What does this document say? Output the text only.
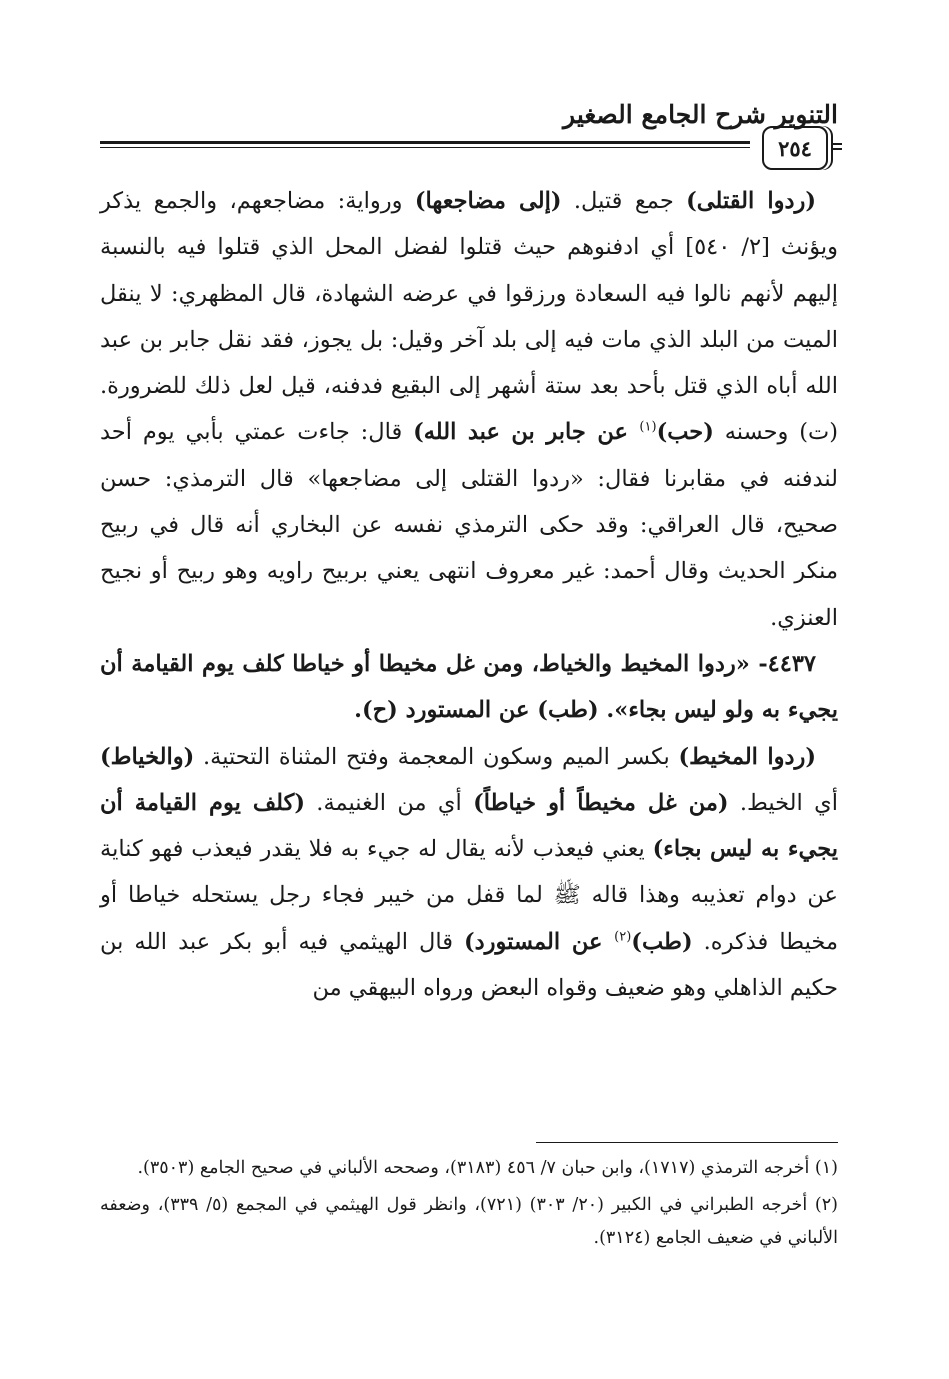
التنوير شرح الجامع الصغير
٢٥٤

(ردوا القتلى) جمع قتيل. (إلى مضاجعها) ورواية: مضاجعهم، والجمع يذكر ويؤنث [٢/ ٥٤٠] أي ادفنوهم حيث قتلوا لفضل المحل الذي قتلوا فيه بالنسبة إليهم لأنهم نالوا فيه السعادة ورزقوا في عرضه الشهادة، قال المظهري: لا ينقل الميت من البلد الذي مات فيه إلى بلد آخر وقيل: بل يجوز، فقد نقل جابر بن عبد الله أباه الذي قتل بأحد بعد ستة أشهر إلى البقيع فدفنه، قيل لعل ذلك للضرورة. (ت) وحسنه (حب)$^{(١)}$ عن جابر بن عبد الله) قال: جاءت عمتي بأبي يوم أحد لندفنه في مقابرنا فقال: «ردوا القتلى إلى مضاجعها» قال الترمذي: حسن صحيح، قال العراقي: وقد حكى الترمذي نفسه عن البخاري أنه قال في ربيح منكر الحديث وقال أحمد: غير معروف انتهى يعني بربيح راويه وهو ربيح أو نجيح العنزي.

٤٤٣٧- «ردوا المخيط والخياط، ومن غل مخيطا أو خياطا كلف يوم القيامة أن يجيء به ولو ليس بجاء». (طب) عن المستورد (ح).

(ردوا المخيط) بكسر الميم وسكون المعجمة وفتح المثناة التحتية. (والخياط) أي الخيط. (من غل مخيطاً أو خياطاً) أي من الغنيمة. (كلف يوم القيامة أن يجيء به ليس بجاء) يعني فيعذب لأنه يقال له جيء به فلا يقدر فيعذب فهو كناية عن دوام تعذيبه وهذا قاله ﷺ لما قفل من خيبر فجاء رجل يستحله خياطا أو مخيطا فذكره. (طب)$^{(٢)}$ عن المستورد) قال الهيثمي فيه أبو بكر عبد الله بن حكيم الذاهلي وهو ضعيف وقواه البعض ورواه البيهقي من

(١) أخرجه الترمذي (١٧١٧)، وابن حبان ٧/ ٤٥٦ (٣١٨٣)، وصححه الألباني في صحيح الجامع (٣٥٠٣).

(٢) أخرجه الطبراني في الكبير (٢٠/ ٣٠٣) (٧٢١)، وانظر قول الهيثمي في المجمع (٥/ ٣٣٩)، وضعفه الألباني في ضعيف الجامع (٣١٢٤).
